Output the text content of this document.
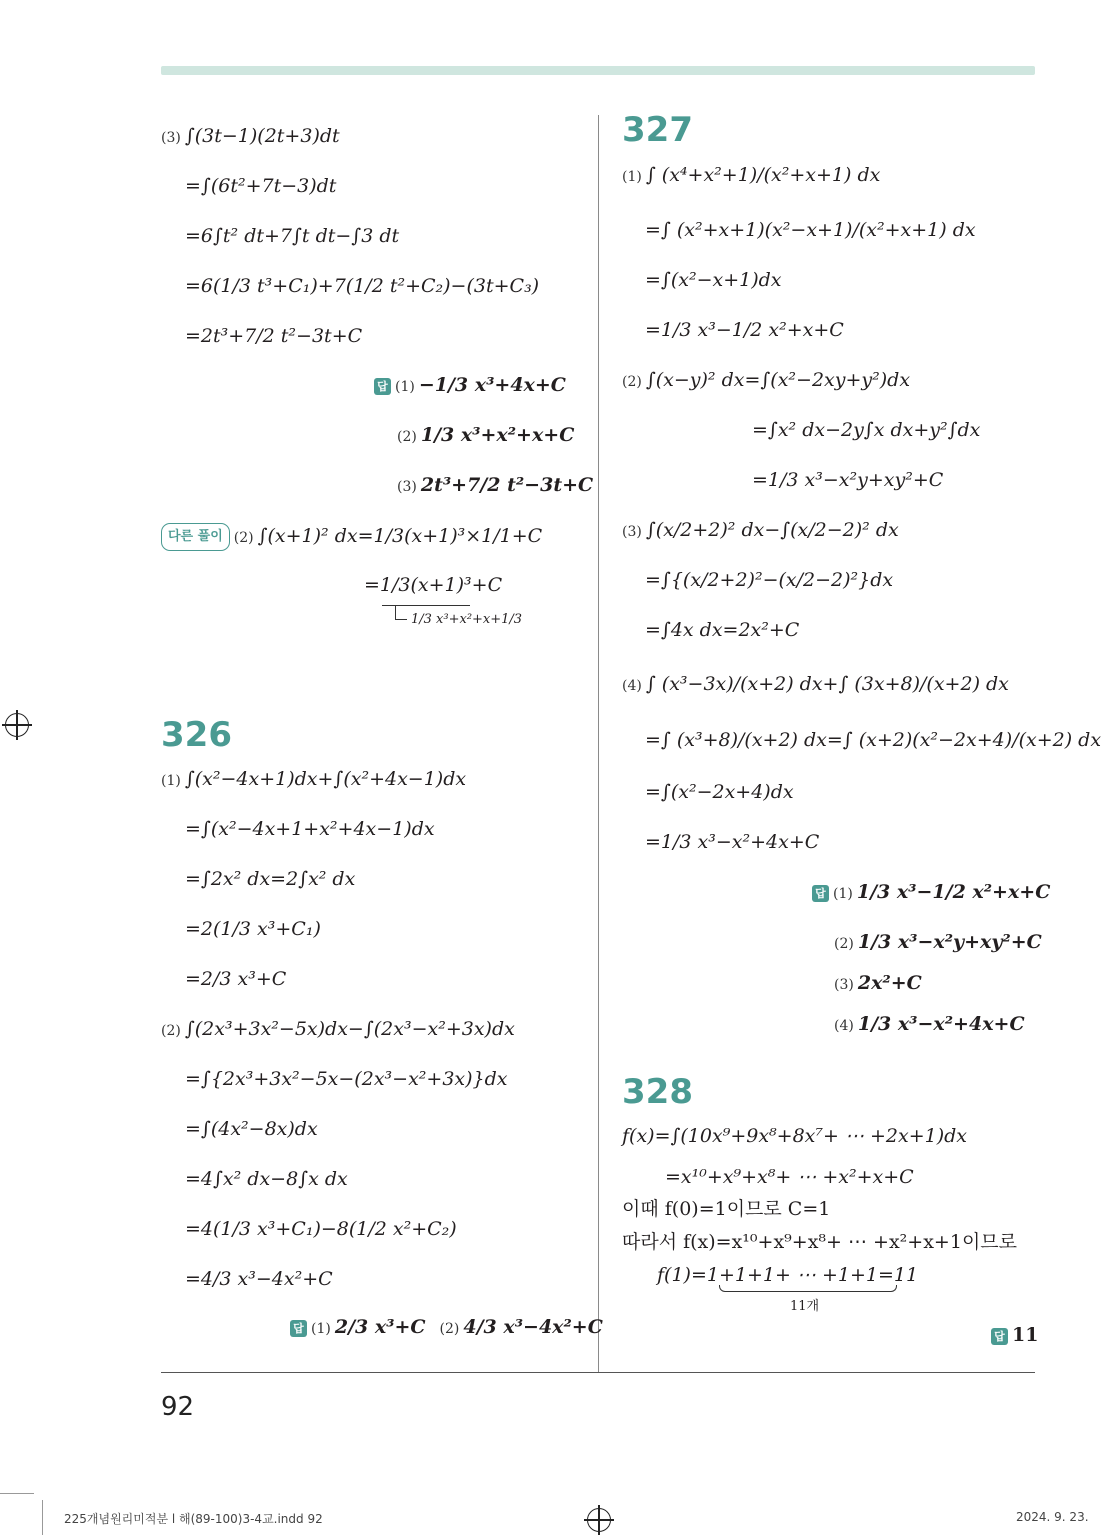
(3) ∫(3t−1)(2t+3)dt
=∫(6t²+7t−3)dt
=6∫t² dt+7∫t dt−∫3 dt
=6(1/3 t³+C₁)+7(1/2 t²+C₂)−(3t+C₃)
=2t³+7/2 t²−3t+C
답 (1) −1/3 x³+4x+C
(2) 1/3 x³+x²+x+C
(3) 2t³+7/2 t²−3t+C
다른 풀이 (2) ∫(x+1)² dx=1/3(x+1)³×1/1+C
=1/3(x+1)³+C
1/3 x³+x²+x+1/3
326
(1) ∫(x²−4x+1)dx+∫(x²+4x−1)dx
=∫(x²−4x+1+x²+4x−1)dx
=∫2x² dx=2∫x² dx
=2(1/3 x³+C₁)
=2/3 x³+C
(2) ∫(2x³+3x²−5x)dx−∫(2x³−x²+3x)dx
=∫{2x³+3x²−5x−(2x³−x²+3x)}dx
=∫(4x²−8x)dx
=4∫x² dx−8∫x dx
=4(1/3 x³+C₁)−8(1/2 x²+C₂)
=4/3 x³−4x²+C
답 (1) 2/3 x³+C (2) 4/3 x³−4x²+C
327
(1) ∫ (x⁴+x²+1)/(x²+x+1) dx
=∫ (x²+x+1)(x²−x+1)/(x²+x+1) dx
=∫(x²−x+1)dx
=1/3 x³−1/2 x²+x+C
(2) ∫(x−y)² dx=∫(x²−2xy+y²)dx
=∫x² dx−2y∫x dx+y²∫dx
=1/3 x³−x²y+xy²+C
(3) ∫(x/2+2)² dx−∫(x/2−2)² dx
=∫{(x/2+2)²−(x/2−2)²}dx
=∫4x dx=2x²+C
(4) ∫ (x³−3x)/(x+2) dx+∫ (3x+8)/(x+2) dx
=∫ (x³+8)/(x+2) dx=∫ (x+2)(x²−2x+4)/(x+2) dx
=∫(x²−2x+4)dx
=1/3 x³−x²+4x+C
답 (1) 1/3 x³−1/2 x²+x+C
(2) 1/3 x³−x²y+xy²+C
(3) 2x²+C
(4) 1/3 x³−x²+4x+C
328
f(x)=∫(10x⁹+9x⁸+8x⁷+ ⋯ +2x+1)dx
=x¹⁰+x⁹+x⁸+ ⋯ +x²+x+C
이때 f(0)=1이므로 C=1
따라서 f(x)=x¹⁰+x⁹+x⁸+ ⋯ +x²+x+1이므로
f(1)=1+1+1+ ⋯ +1+1=11
11개
답 11
92
225개념원리미적분 l 해(89-100)3-4교.indd 92	2024. 9. 23.
